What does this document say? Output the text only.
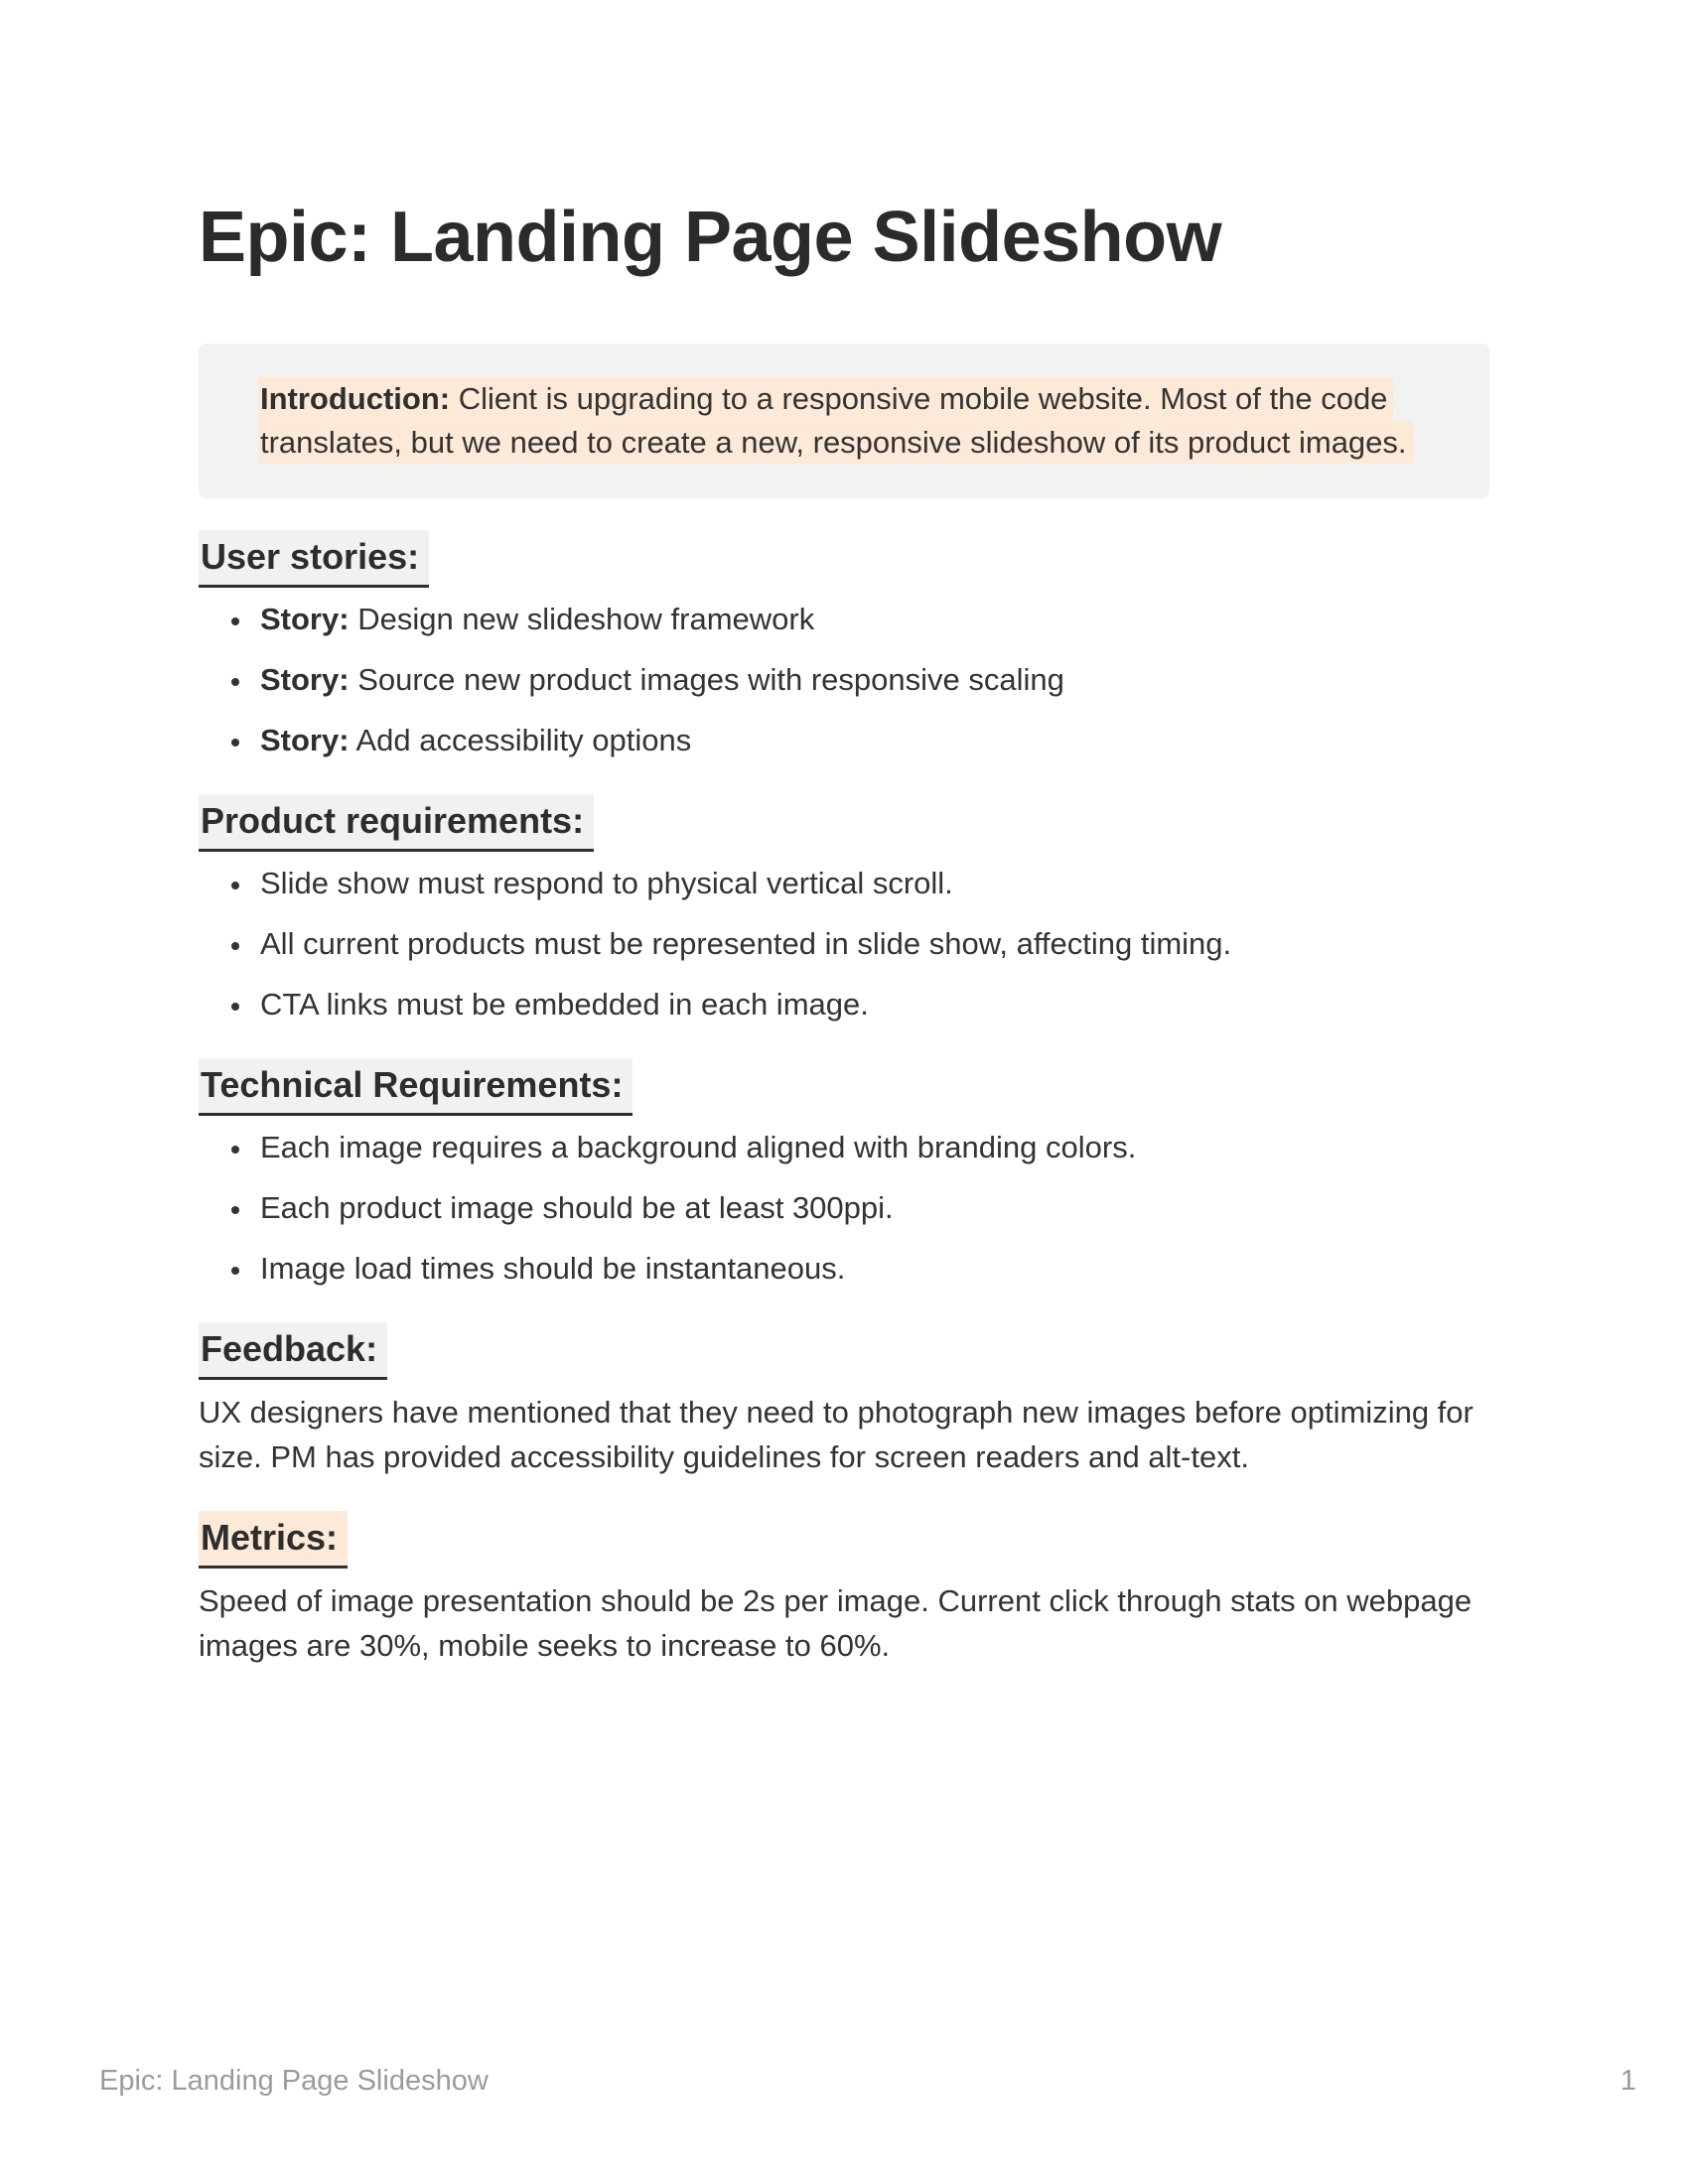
Epic: Landing Page Slideshow

Introduction: Client is upgrading to a responsive mobile website. Most of the code translates, but we need to create a new, responsive slideshow of its product images.

User stories:
• Story: Design new slideshow framework
• Story: Source new product images with responsive scaling
• Story: Add accessibility options
Product requirements:
• Slide show must respond to physical vertical scroll.
• All current products must be represented in slide show, affecting timing.
• CTA links must be embedded in each image.
Technical Requirements:
• Each image requires a background aligned with branding colors.
• Each product image should be at least 300ppi.
• Image load times should be instantaneous.
Feedback:

UX designers have mentioned that they need to photograph new images before optimizing for size. PM has provided accessibility guidelines for screen readers and alt-text.

Metrics:

Speed of image presentation should be 2s per image. Current click through stats on webpage images are 30%, mobile seeks to increase to 60%.

Epic: Landing Page Slideshow	1
